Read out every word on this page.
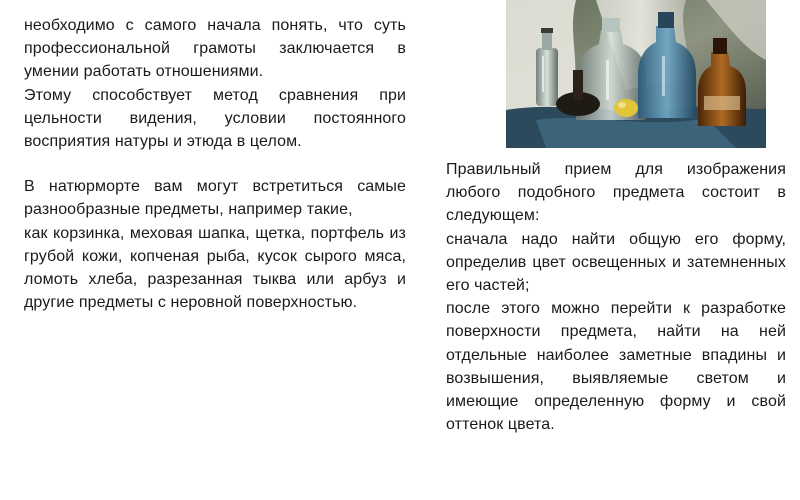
необходимо с самого начала понять, что суть профессиональной грамоты заключается в умении работать отношениями.

Этому способствует метод сравнения при цельности видения, условии постоянного восприятия натуры и этюда в целом.

В натюрморте вам могут встретиться самые разнообразные предметы, например такие,

как корзинка, меховая шапка, щетка, портфель из грубой кожи, копченая рыба, кусок сырого мяса, ломоть хлеба, разрезанная тыква или арбуз и другие предметы с неровной поверхностью.

Правильный прием для изображения любого подобного предмета состоит в следующем:

сначала надо найти общую его форму, определив цвет освещенных и затемненных его частей;

после этого можно перейти к разработке поверхности предмета, найти на ней отдельные наиболее заметные впадины и возвышения, выявляемые светом и имеющие определенную форму и свой оттенок цвета.
